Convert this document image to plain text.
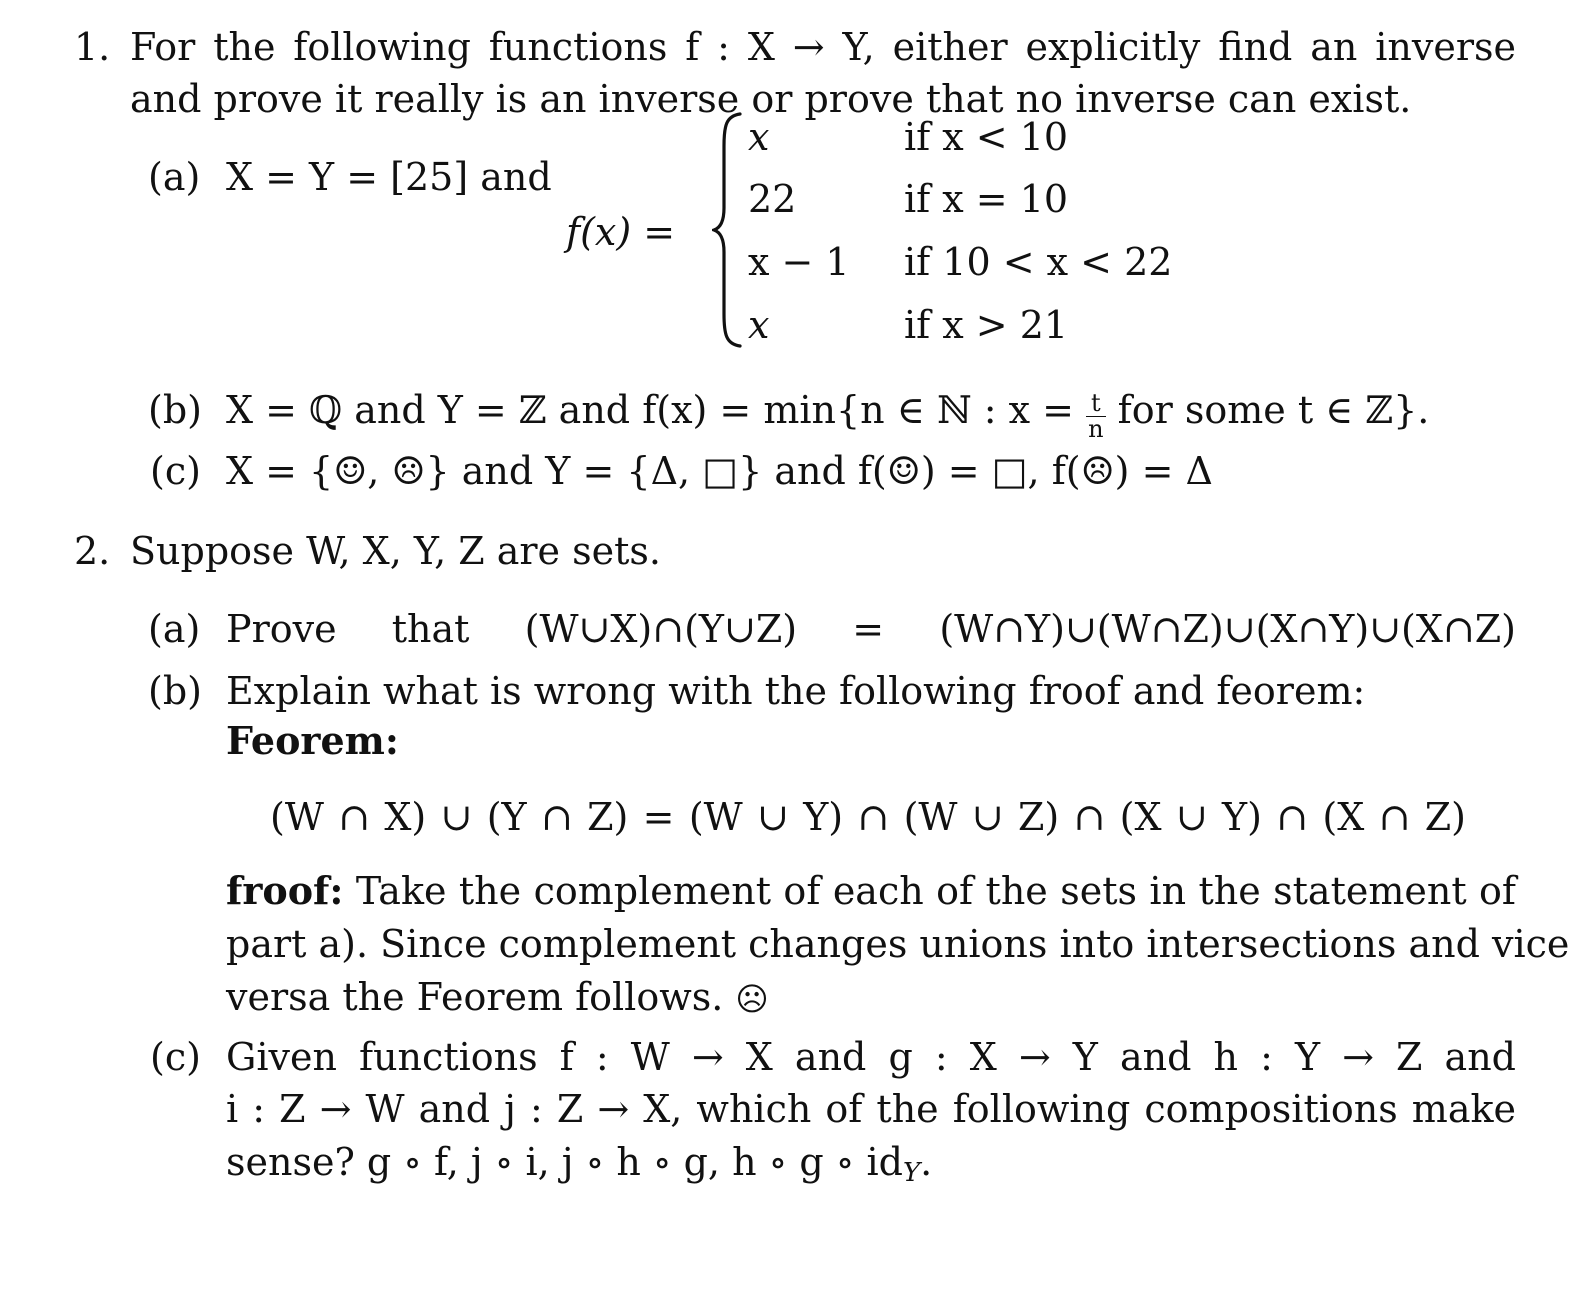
1. For the following functions f : X → Y, either explicitly find an inverse
and prove it really is an inverse or prove that no inverse can exist.
(a) X = Y = [25] and
f(x) =
x	if x < 10
22	if x = 10
x − 1 if 10 < x < 22
x	if x > 21
(b) X = ℚ and Y = ℤ and f(x) = min{n ∈ ℕ : $x = \frac{t}{n}$ for some t ∈ ℤ}.
(c) X = {☺, ☹} and Y = {Δ, □} and f(☺) = □, f(☹) = Δ
2. Suppose W, X, Y, Z are sets.
(a) Prove that (W∪X)∩(Y∪Z) = (W∩Y)∪(W∩Z)∪(X∩Y)∪(X∩Z)
(b) Explain what is wrong with the following froof and feorem:
Feorem:
(W ∩ X) ∪ (Y ∩ Z) = (W ∪ Y) ∩ (W ∪ Z) ∩ (X ∪ Y) ∩ (X ∩ Z)
froof: Take the complement of each of the sets in the statement of
part a). Since complement changes unions into intersections and vice
versa the Feorem follows. ☹
(c) Given functions f : W → X and g : X → Y and h : Y → Z and
i : Z → W and j : Z → X, which of the following compositions make
sense? g ∘ f, j ∘ i, j ∘ h ∘ g, h ∘ g ∘ $id_Y$.
